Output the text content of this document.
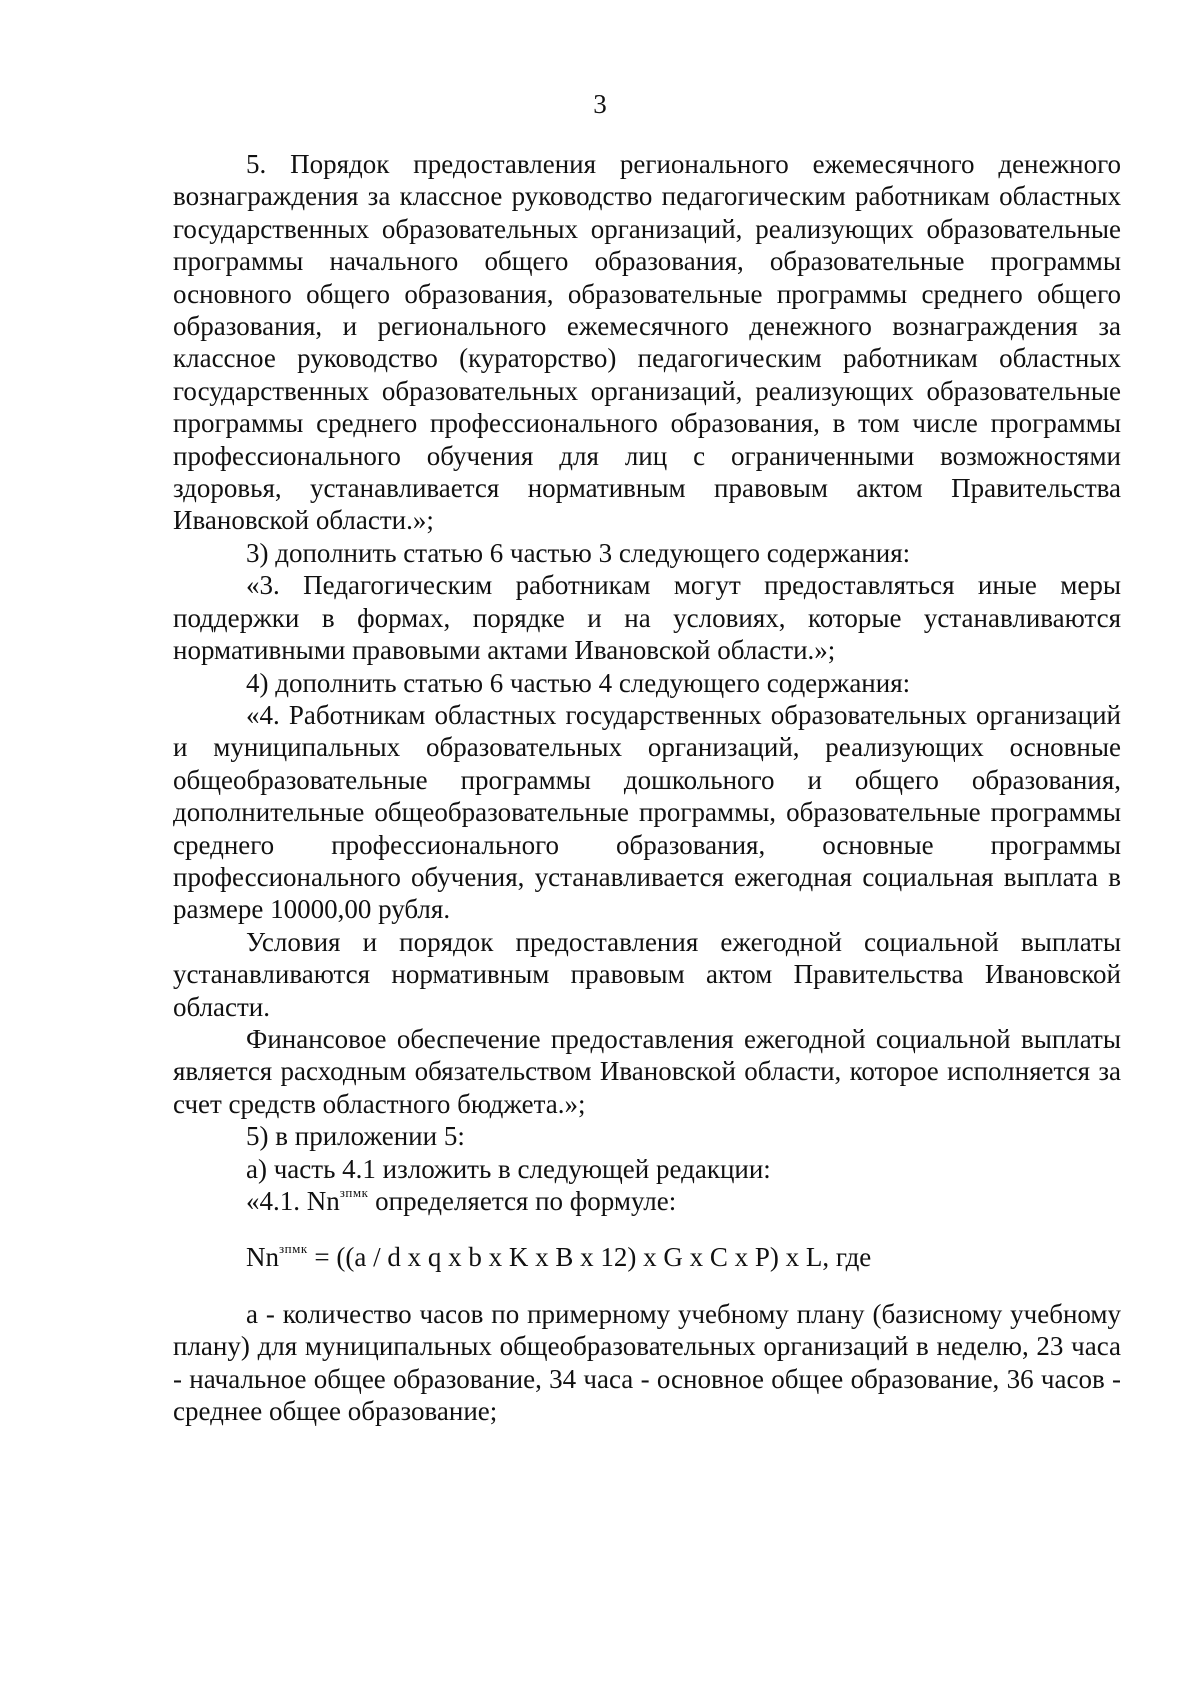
3

5. Порядок предоставления регионального ежемесячного денежного вознаграждения за классное руководство педагогическим работникам областных государственных образовательных организаций, реализующих образовательные программы начального общего образования, образовательные программы основного общего образования, образовательные программы среднего общего образования, и регионального ежемесячного денежного вознаграждения за классное руководство (кураторство) педагогическим работникам областных государственных образовательных организаций, реализующих образовательные программы среднего профессионального образования, в том числе программы профессионального обучения для лиц с ограниченными возможностями здоровья, устанавливается нормативным правовым актом Правительства Ивановской области.»;

3) дополнить статью 6 частью 3 следующего содержания:

«3. Педагогическим работникам могут предоставляться иные меры поддержки в формах, порядке и на условиях, которые устанавливаются нормативными правовыми актами Ивановской области.»;

4) дополнить статью 6 частью 4 следующего содержания:

«4. Работникам областных государственных образовательных организаций и муниципальных образовательных организаций, реализующих основные общеобразовательные программы дошкольного и общего образования, дополнительные общеобразовательные программы, образовательные программы среднего профессионального образования, основные программы профессионального обучения, устанавливается ежегодная социальная выплата в размере 10000,00 рубля.

Условия и порядок предоставления ежегодной социальной выплаты устанавливаются нормативным правовым актом Правительства Ивановской области.

Финансовое обеспечение предоставления ежегодной социальной выплаты является расходным обязательством Ивановской области, которое исполняется за счет средств областного бюджета.»;

5) в приложении 5:

а) часть 4.1 изложить в следующей редакции:

«4.1. $Nn^{зпмк}$ определяется по формуле:

$Nn^{зпмк} = ((a / d$ x q x b x K x B x 12) x G x C x P) x L, где

а - количество часов по примерному учебному плану (базисному учебному плану) для муниципальных общеобразовательных организаций в неделю, 23 часа - начальное общее образование, 34 часа - основное общее образование, 36 часов - среднее общее образование;
